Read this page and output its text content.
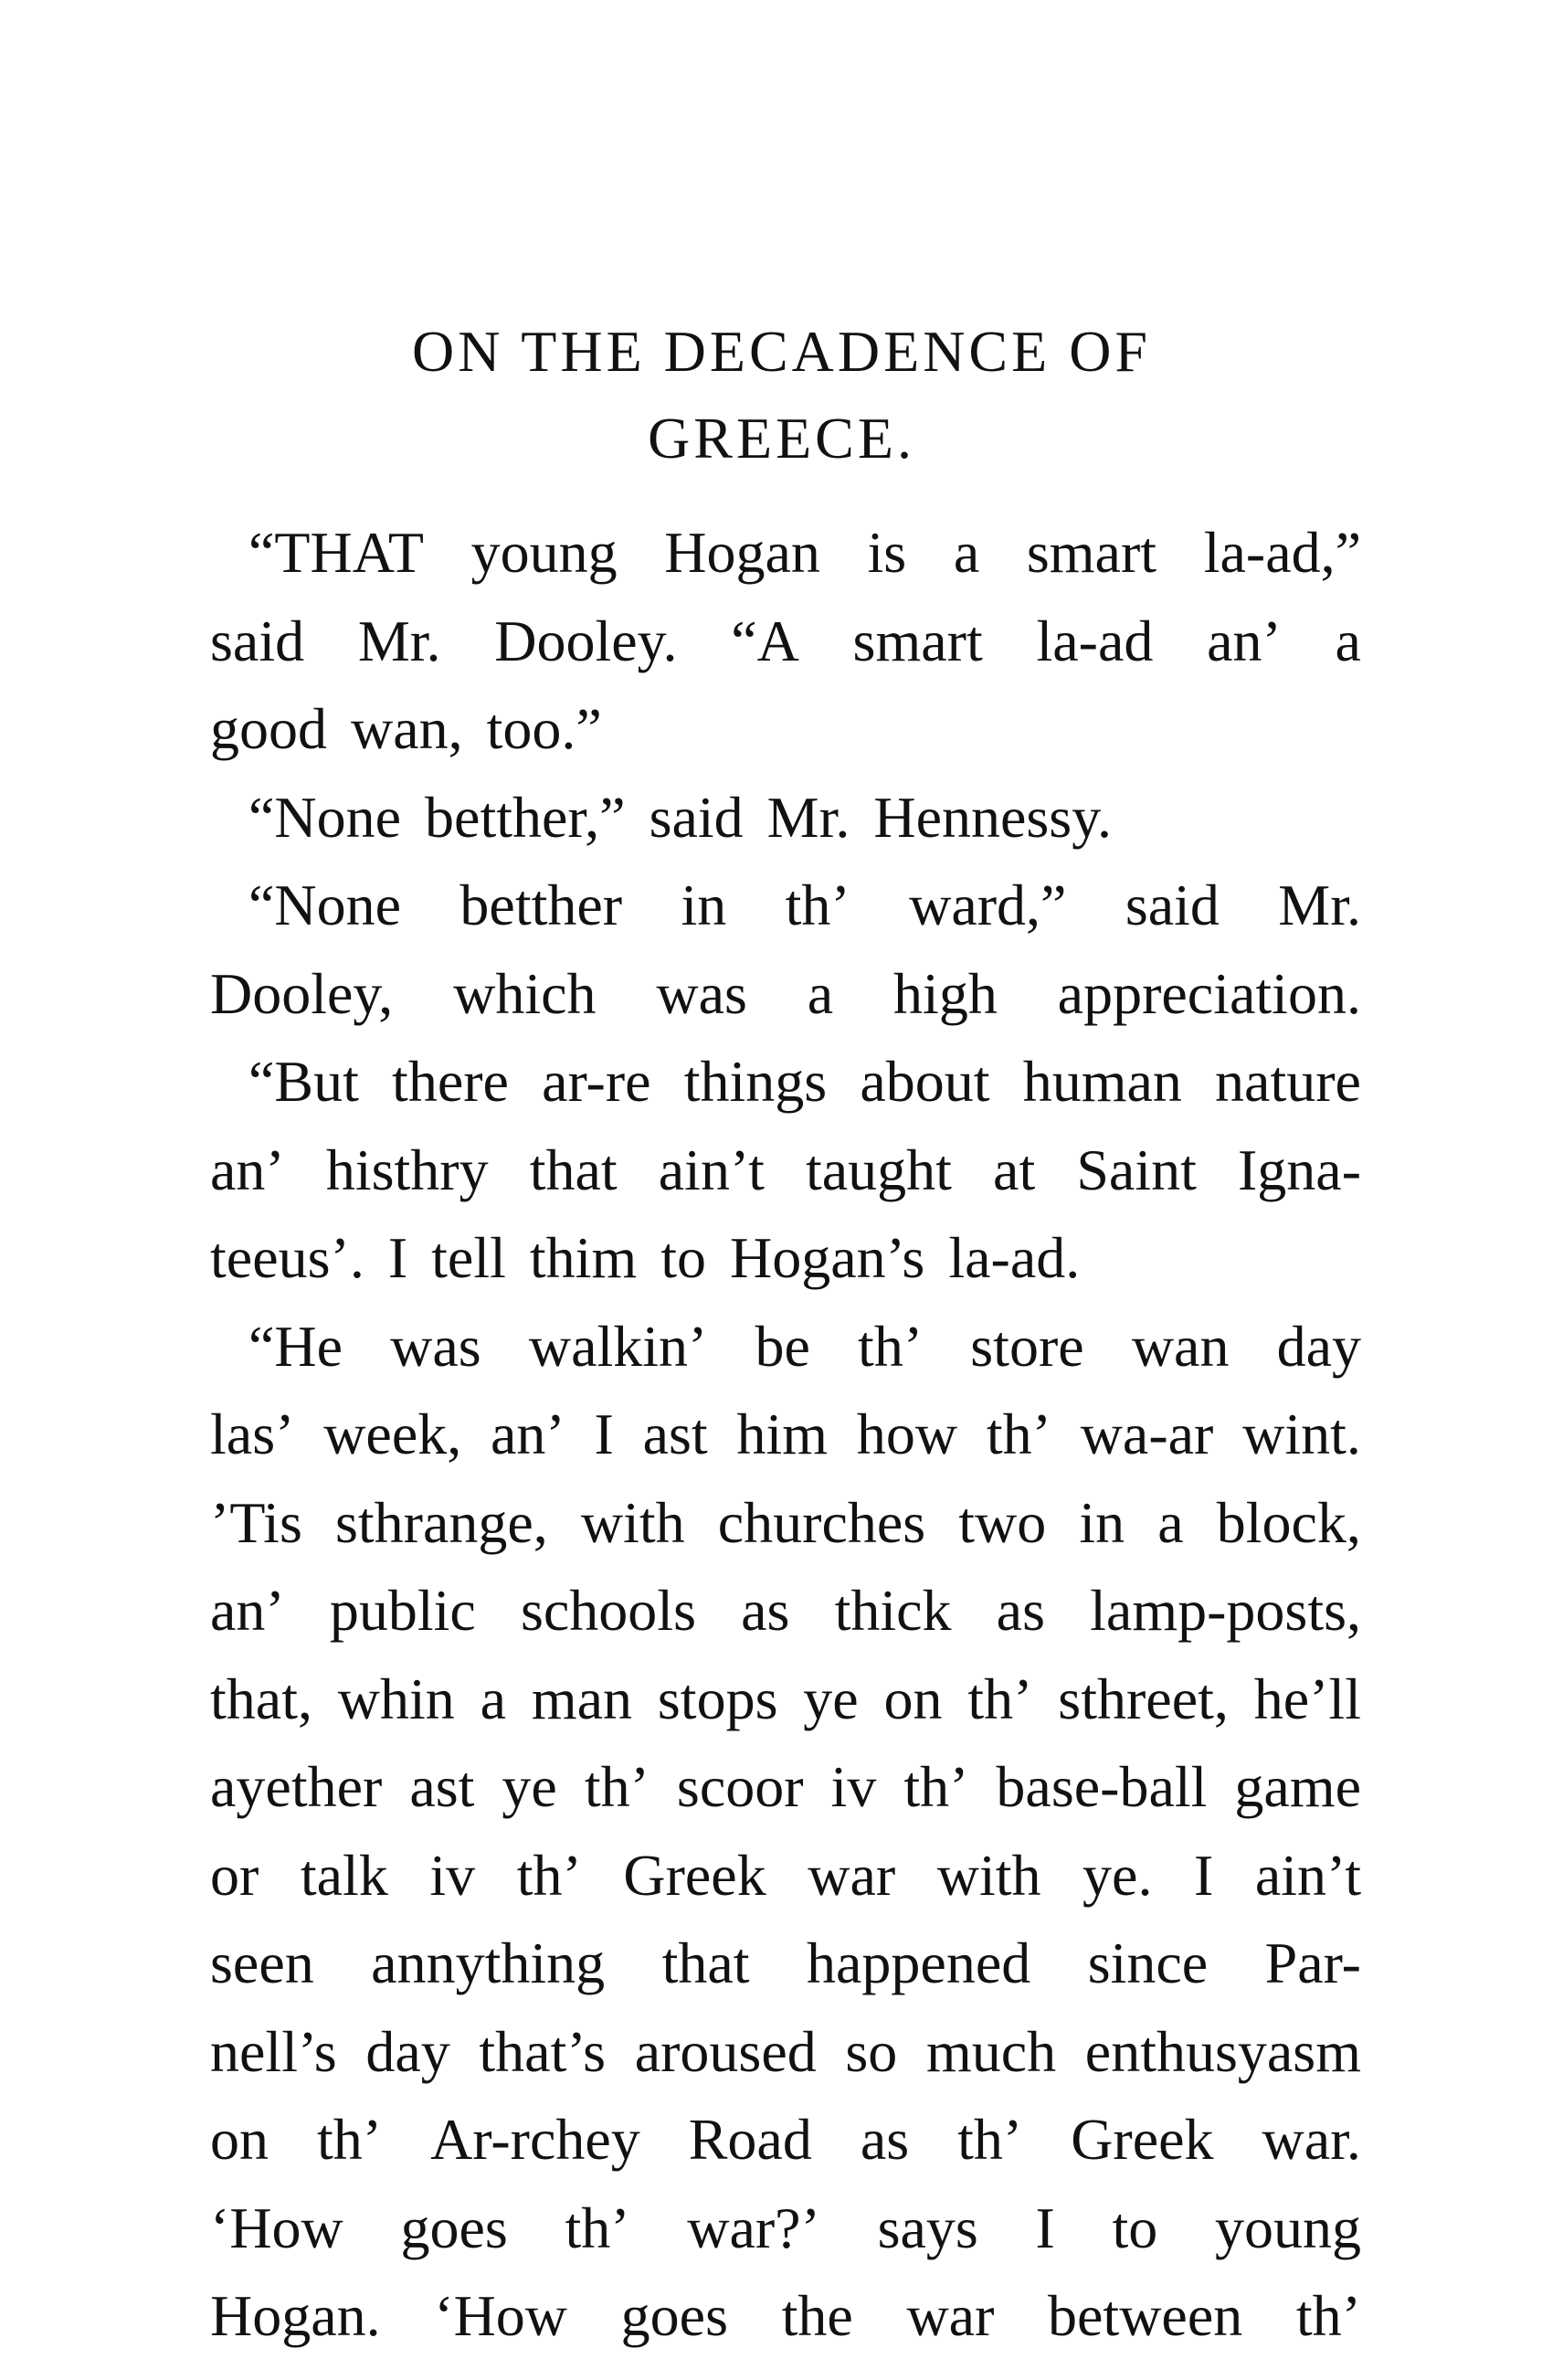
ON THE DECADENCE OF
GREECE.
“THAT young Hogan is a smart la-ad,”
said Mr. Dooley. “A smart la-ad an’ a
good wan, too.”
“None betther,” said Mr. Hennessy.
“None betther in th’ ward,” said Mr.
Dooley, which was a high appreciation.
“But there ar-re things about human nature
an’ histhry that ain’t taught at Saint Igna-
teeus’. I tell thim to Hogan’s la-ad.
“He was walkin’ be th’ store wan day
las’ week, an’ I ast him how th’ wa-ar wint.
’Tis sthrange, with churches two in a block,
an’ public schools as thick as lamp-posts,
that, whin a man stops ye on th’ sthreet, he’ll
ayether ast ye th’ scoor iv th’ base-ball game
or talk iv th’ Greek war with ye. I ain’t
seen annything that happened since Par-
nell’s day that’s aroused so much enthusyasm
on th’ Ar-rchey Road as th’ Greek war.
‘How goes th’ war?’ says I to young
Hogan. ‘How goes the war between th’
